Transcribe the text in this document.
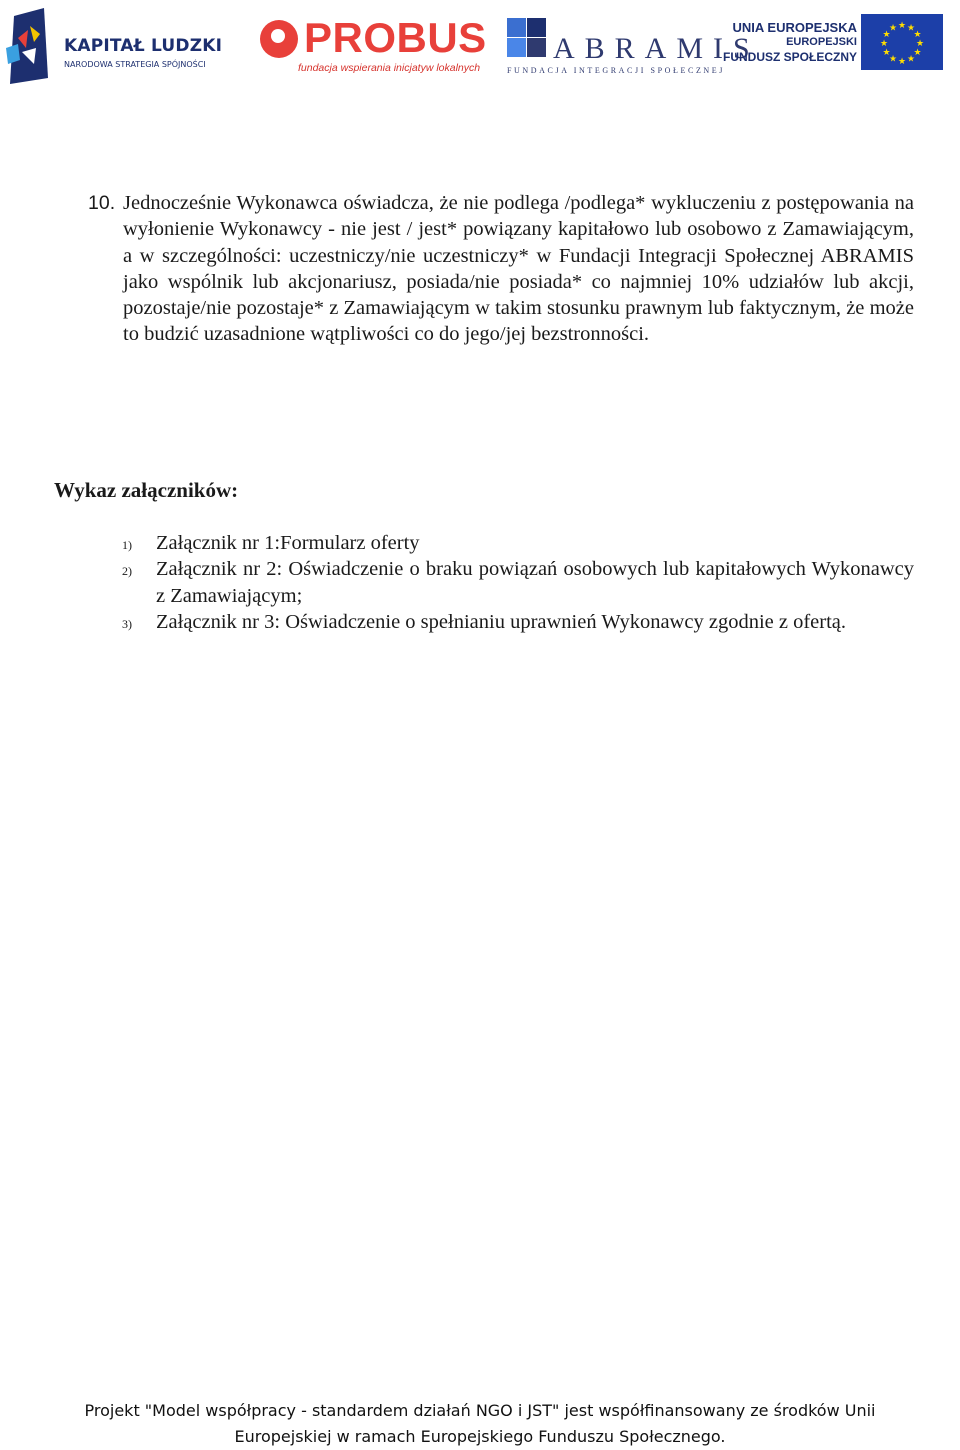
KAPITAŁ LUDZKI
NARODOWA STRATEGIA SPÓJNOŚCI
PROBUS
fundacja wspierania inicjatyw lokalnych
ABRAMIS
FUNDACJA INTEGRACJI SPOŁECZNEJ
UNIA EUROPEJSKA
EUROPEJSKI
FUNDUSZ SPOŁECZNY
★ ★
★
★
★
★
★
★
★
★
★
★
10. Jednocześnie Wykonawca oświadcza, że nie podlega /podlega* wykluczeniu z postępowania na wyłonienie Wykonawcy - nie jest / jest* powiązany kapitałowo lub osobowo z Zamawiającym, a w szczególności: uczestniczy/nie uczestniczy* w Fundacji Integracji Społecznej ABRAMIS jako wspólnik lub akcjonariusz, posiada/nie posiada* co najmniej 10% udziałów lub akcji, pozostaje/nie pozostaje* z Zamawiającym w takim stosunku prawnym lub faktycznym, że może to budzić uzasadnione wątpliwości co do jego/jej bezstronności.
Wykaz załączników:
1) Załącznik nr 1:Formularz oferty
2) Załącznik nr 2: Oświadczenie o braku powiązań osobowych lub kapitałowych Wykonawcy z Zamawiającym;
3) Załącznik nr 3: Oświadczenie o spełnianiu uprawnień Wykonawcy zgodnie z ofertą.
Projekt "Model współpracy - standardem działań NGO i JST" jest współfinansowany ze środków Unii
Europejskiej w ramach Europejskiego Funduszu Społecznego.
